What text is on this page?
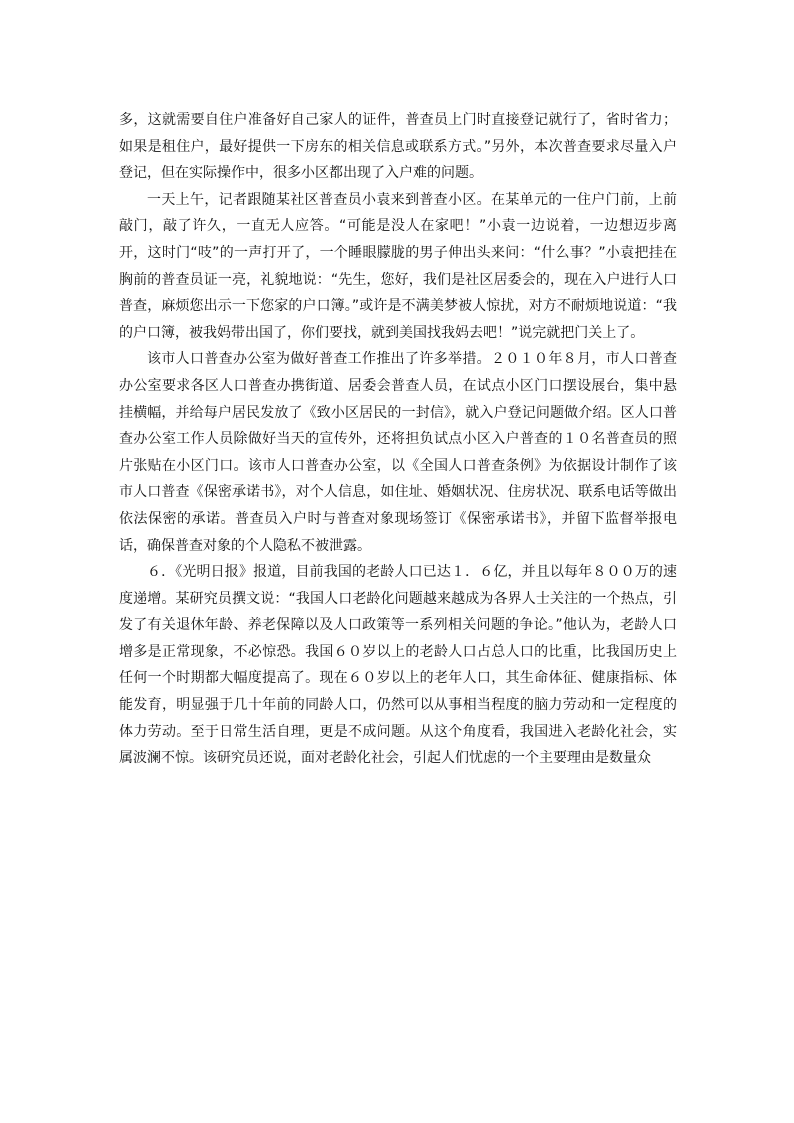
多，这就需要自住户准备好自己家人的证件，普查员上门时直接登记就行了，省时省力；如果是租住户，最好提供一下房东的相关信息或联系方式。”另外，本次普查要求尽量入户登记，但在实际操作中，很多小区都出现了入户难的问题。

一天上午，记者跟随某社区普查员小袁来到普查小区。在某单元的一住户门前，上前敲门，敲了许久，一直无人应答。“可能是没人在家吧！”小袁一边说着，一边想迈步离开，这时门“吱”的一声打开了，一个睡眼朦胧的男子伸出头来问：“什么事？”小袁把挂在胸前的普查员证一亮，礼貌地说：“先生，您好，我们是社区居委会的，现在入户进行人口普查，麻烦您出示一下您家的户口簿。”或许是不满美梦被人惊扰，对方不耐烦地说道：“我的户口簿，被我妈带出国了，你们要找，就到美国找我妈去吧！”说完就把门关上了。

该市人口普查办公室为做好普查工作推出了许多举措。２０１０年８月，市人口普查办公室要求各区人口普查办携街道、居委会普查人员，在试点小区门口摆设展台，集中悬挂横幅，并给每户居民发放了《致小区居民的一封信》，就入户登记问题做介绍。区人口普查办公室工作人员除做好当天的宣传外，还将担负试点小区入户普查的１０名普查员的照片张贴在小区门口。该市人口普查办公室，以《全国人口普查条例》为依据设计制作了该市人口普查《保密承诺书》，对个人信息，如住址、婚姻状况、住房状况、联系电话等做出依法保密的承诺。普查员入户时与普查对象现场签订《保密承诺书》，并留下监督举报电话，确保普查对象的个人隐私不被泄露。

６．《光明日报》报道，目前我国的老龄人口已达１．６亿，并且以每年８００万的速度递增。某研究员撰文说：“我国人口老龄化问题越来越成为各界人士关注的一个热点，引发了有关退休年龄、养老保障以及人口政策等一系列相关问题的争论。”他认为，老龄人口增多是正常现象，不必惊恐。我国６０岁以上的老龄人口占总人口的比重，比我国历史上任何一个时期都大幅度提高了。现在６０岁以上的老年人口，其生命体征、健康指标、体能发育，明显强于几十年前的同龄人口，仍然可以从事相当程度的脑力劳动和一定程度的体力劳动。至于日常生活自理，更是不成问题。从这个角度看，我国进入老龄化社会，实属波澜不惊。该研究员还说，面对老龄化社会，引起人们忧虑的一个主要理由是数量众
